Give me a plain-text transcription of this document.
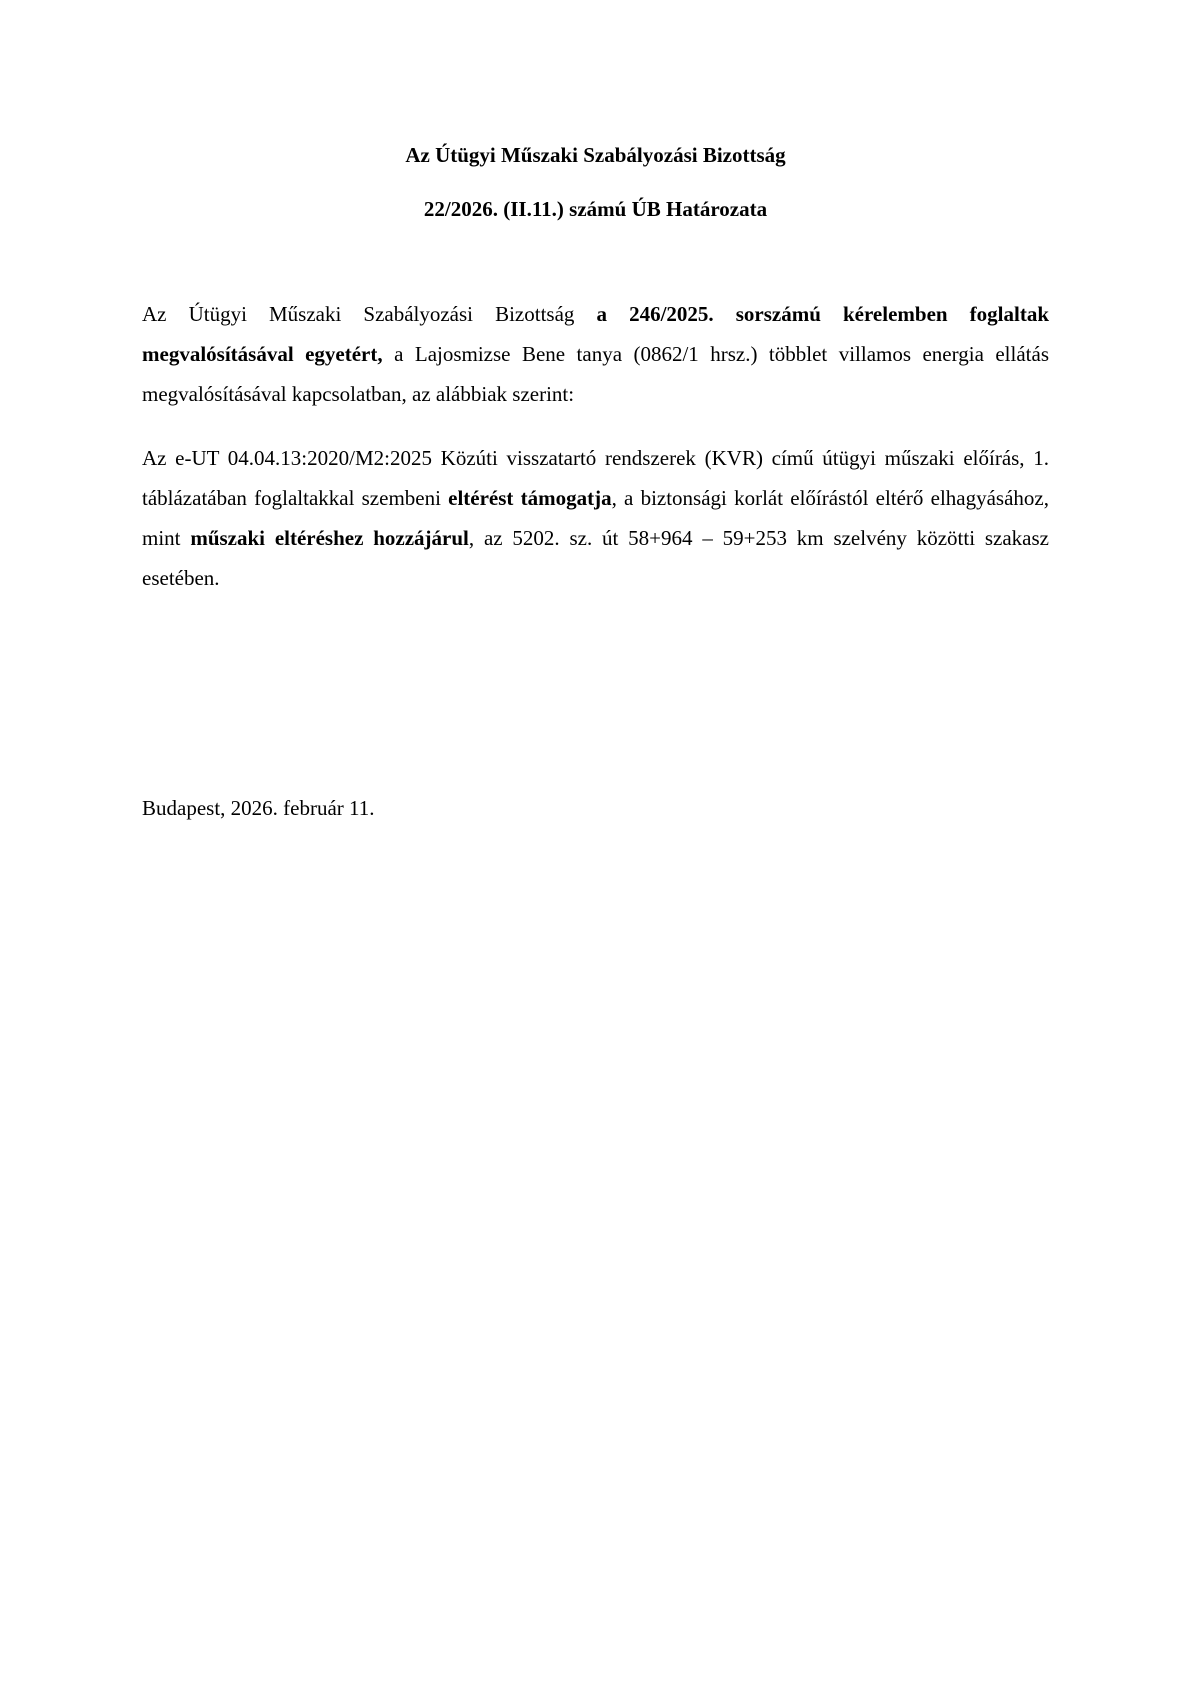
Az Útügyi Műszaki Szabályozási Bizottság

22/2026. (II.11.) számú ÚB Határozata

Az Útügyi Műszaki Szabályozási Bizottság a 246/2025. sorszámú kérelemben foglaltak megvalósításával egyetért, a Lajosmizse Bene tanya (0862/1 hrsz.) többlet villamos energia ellátás megvalósításával kapcsolatban, az alábbiak szerint:

Az e-UT 04.04.13:2020/M2:2025 Közúti visszatartó rendszerek (KVR) című útügyi műszaki előírás, 1. táblázatában foglaltakkal szembeni eltérést támogatja, a biztonsági korlát előírástól eltérő elhagyásához, mint műszaki eltéréshez hozzájárul, az 5202. sz. út 58+964 – 59+253 km szelvény közötti szakasz esetében.

Budapest, 2026. február 11.
